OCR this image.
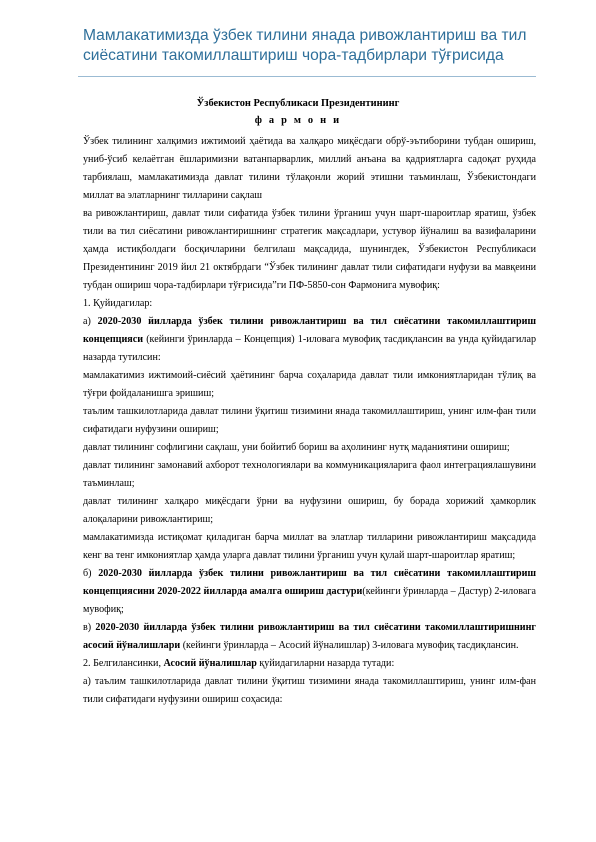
Мамлакатимизда ўзбек тилини янада ривожлантириш ва тил
сиёсатини такомиллаштириш чора-тадбирлари тўғрисида
Ўзбекистон Республикаси Президентининг
ф а р м о н и

Ўзбек тилининг халқимиз ижтимоий ҳаётида ва халқаро миқёсдаги обрў-эътиборини тубдан ошириш, униб-ўсиб келаётган ёшларимизни ватанпарварлик, миллий анъана ва қадриятларга садоқат руҳида тарбиялаш, мамлакатимизда давлат тилини тўлақонли жорий этишни таъминлаш, Ўзбекистондаги миллат ва элатларнинг тилларини сақлаш

ва ривожлантириш, давлат тили сифатида ўзбек тилини ўрганиш учун шарт-шароитлар яратиш, ўзбек тили ва тил сиёсатини ривожлантиришнинг стратегик мақсадлари, устувор йўналиш ва вазифаларини ҳамда истиқболдаги босқичларини белгилаш мақсадида, шунингдек, Ўзбекистон Республикаси Президентининг 2019 йил 21 октябрдаги “Ўзбек тилининг давлат тили сифатидаги нуфузи ва мавқеини тубдан ошириш чора-тадбирлари тўғрисида”ги ПФ-5850-сон Фармонига мувофиқ:

1. Қуйидагилар:

а) 2020-2030 йилларда ўзбек тилини ривожлантириш ва тил сиёсатини такомиллаштириш концепцияси (кейинги ўринларда – Концепция) 1-иловага мувофиқ тасдиқлансин ва унда қуйидагилар назарда тутилсин:

мамлакатимиз ижтимоий-сиёсий ҳаётининг барча соҳаларида давлат тили имкониятларидан тўлиқ ва тўғри фойдаланишга эришиш;

таълим ташкилотларида давлат тилини ўқитиш тизимини янада такомиллаштириш, унинг илм-фан тили сифатидаги нуфузини ошириш;

давлат тилининг софлигини сақлаш, уни бойитиб бориш ва аҳолининг нутқ маданиятини ошириш;

давлат тилининг замонавий ахборот технологиялари ва коммуникацияларига фаол интеграциялашувини таъминлаш;

давлат тилининг халқаро миқёсдаги ўрни ва нуфузини ошириш, бу борада хорижий ҳамкорлик алоқаларини ривожлантириш;

мамлакатимизда истиқомат қиладиган барча миллат ва элатлар тилларини ривожлантириш мақсадида кенг ва тенг имкониятлар ҳамда уларга давлат тилини ўрганиш учун қулай шарт-шароитлар яратиш;

б) 2020-2030 йилларда ўзбек тилини ривожлантириш ва тил сиёсатини такомиллаштириш концепциясини 2020-2022 йилларда амалга ошириш дастури(кейинги ўринларда – Дастур) 2-иловага мувофиқ;

в) 2020-2030 йилларда ўзбек тилини ривожлантириш ва тил сиёсатини такомиллаштиришнинг асосий йўналишлари (кейинги ўринларда – Асосий йўналишлар) 3-иловага мувофиқ тасдиқлансин.

2. Белгилансинки, Асосий йўналишлар қуйидагиларни назарда тутади:

а) таълим ташкилотларида давлат тилини ўқитиш тизимини янада такомиллаштириш, унинг илм-фан тили сифатидаги нуфузини ошириш соҳасида:
